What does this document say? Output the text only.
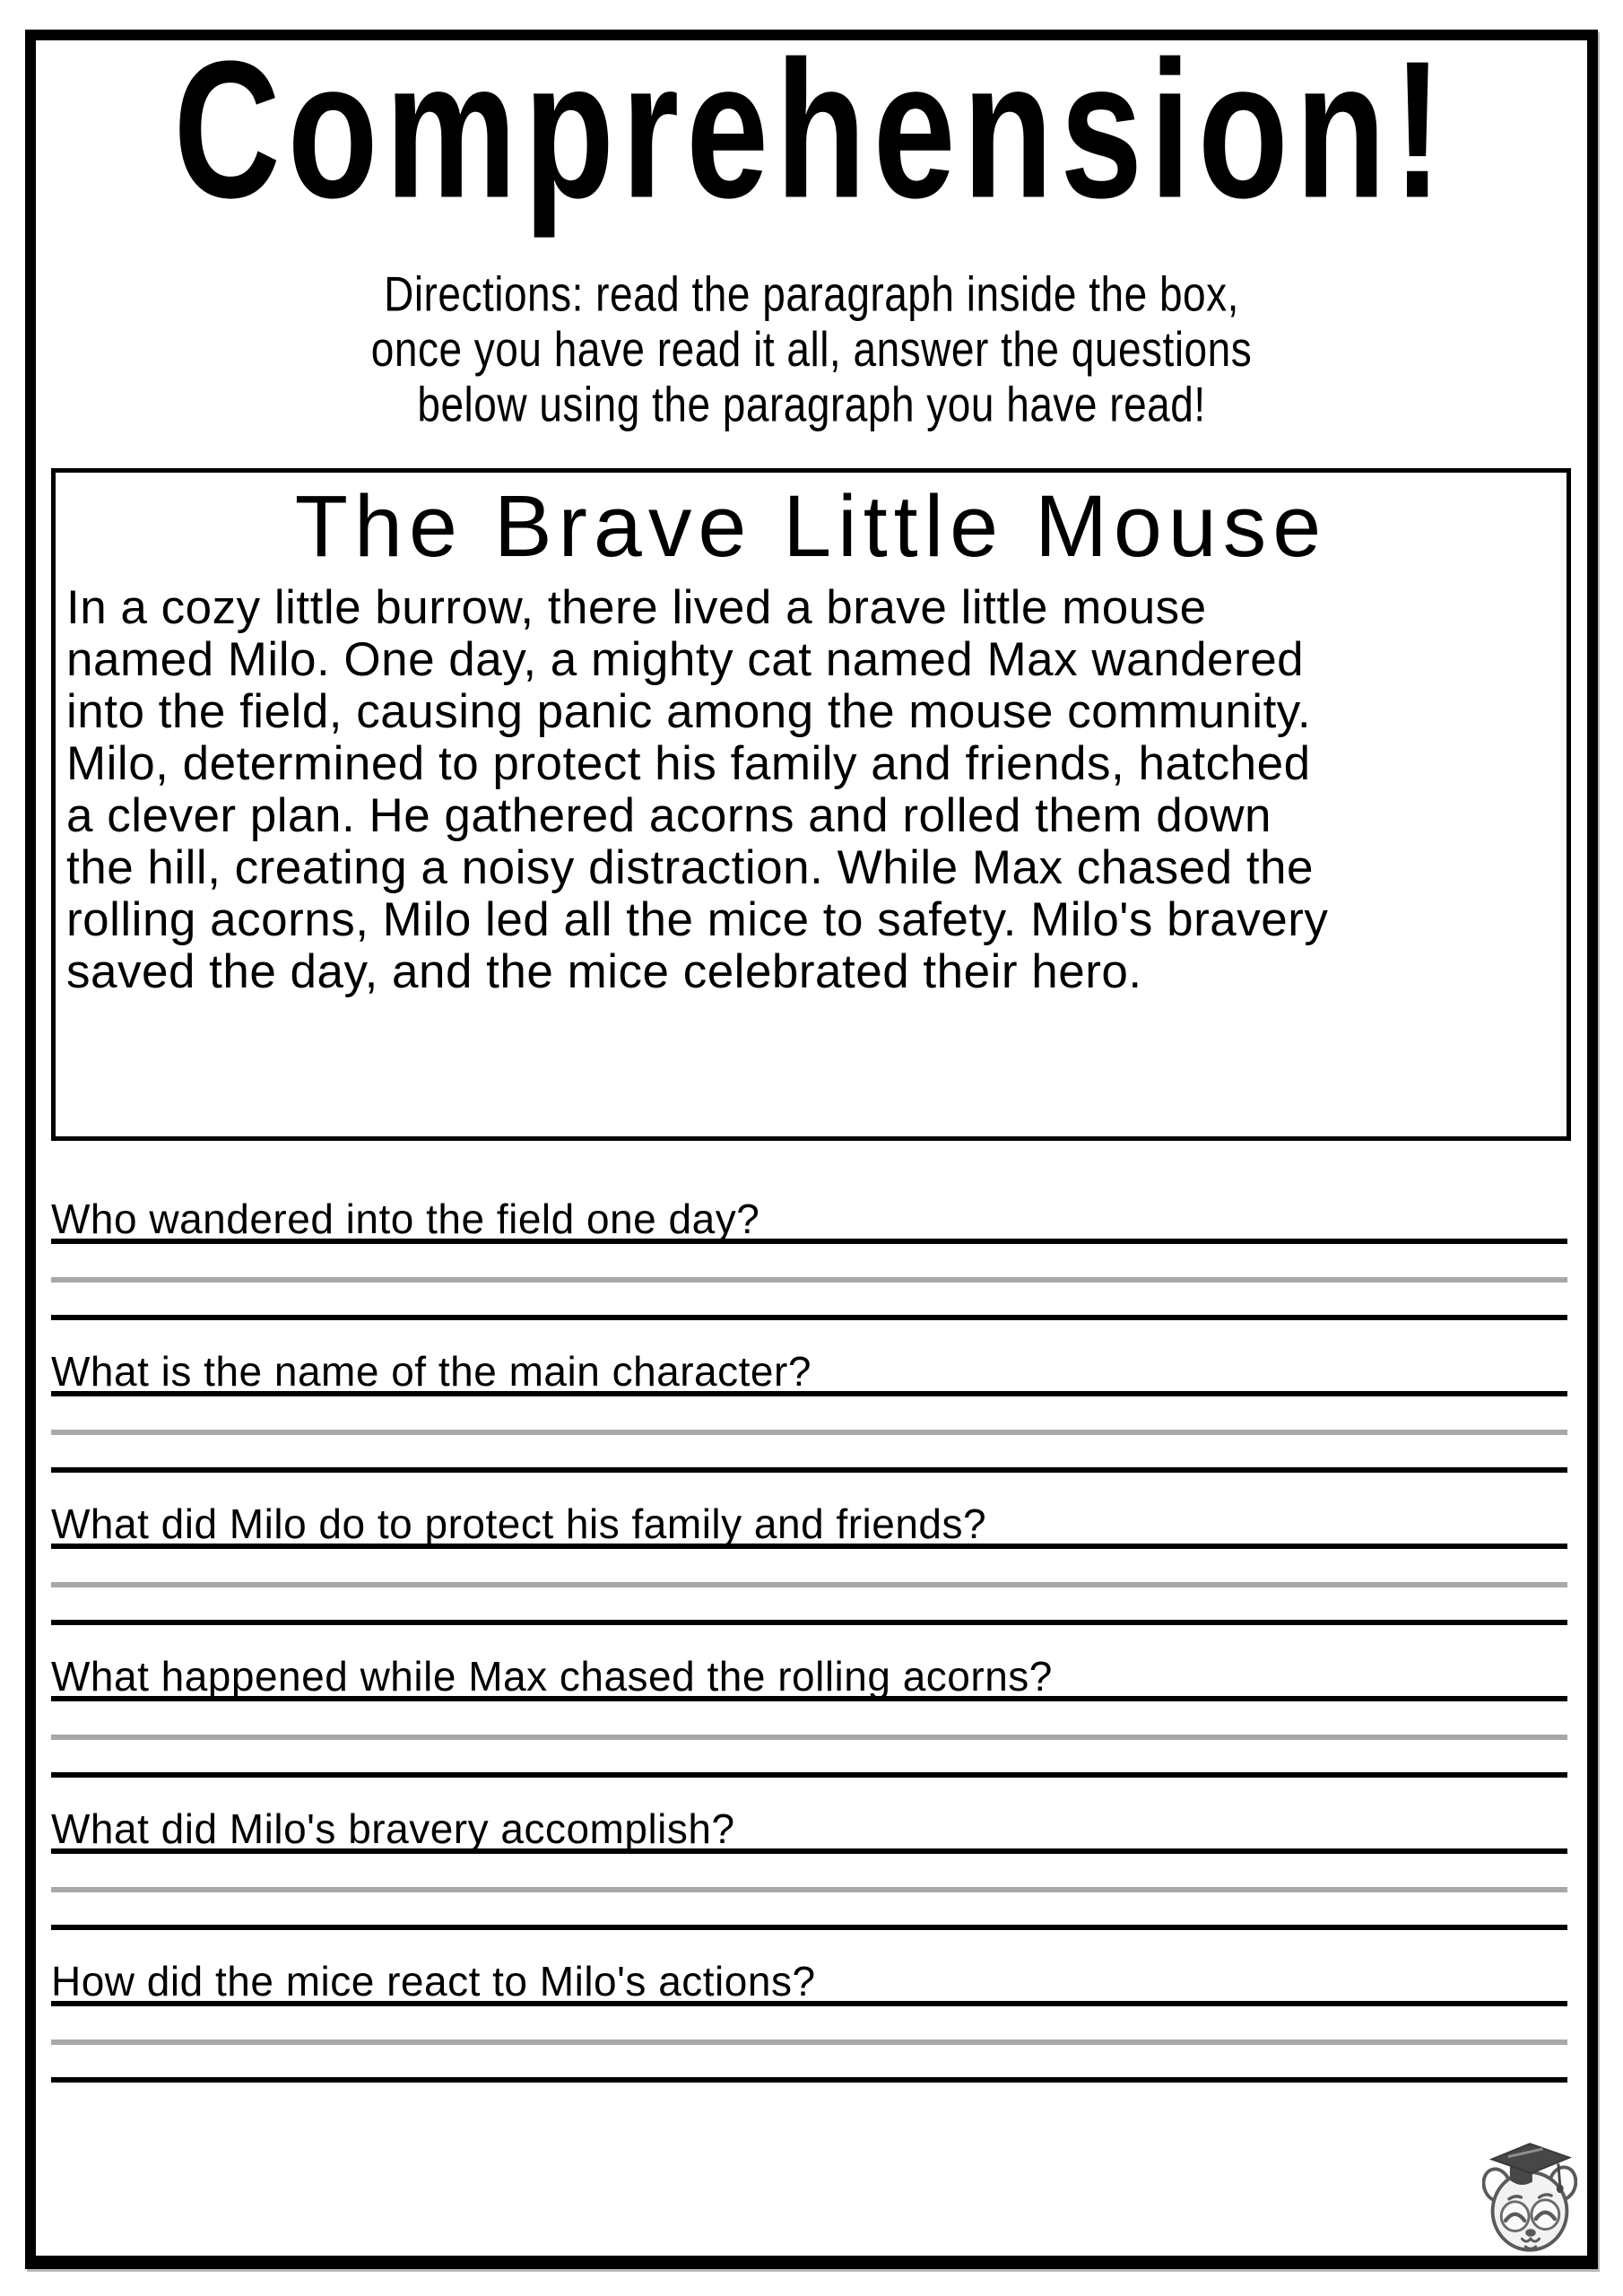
Comprehension!
Directions: read the paragraph inside the box,
once you have read it all, answer the questions
below using the paragraph you have read!
The Brave Little Mouse
In a cozy little burrow, there lived a brave little mouse
named Milo. One day, a mighty cat named Max wandered
into the field, causing panic among the mouse community.
Milo, determined to protect his family and friends, hatched
a clever plan. He gathered acorns and rolled them down
the hill, creating a noisy distraction. While Max chased the
rolling acorns, Milo led all the mice to safety. Milo's bravery
saved the day, and the mice celebrated their hero.
Who wandered into the field one day?
What is the name of the main character?
What did Milo do to protect his family and friends?
What happened while Max chased the rolling acorns?
What did Milo's bravery accomplish?
How did the mice react to Milo's actions?
